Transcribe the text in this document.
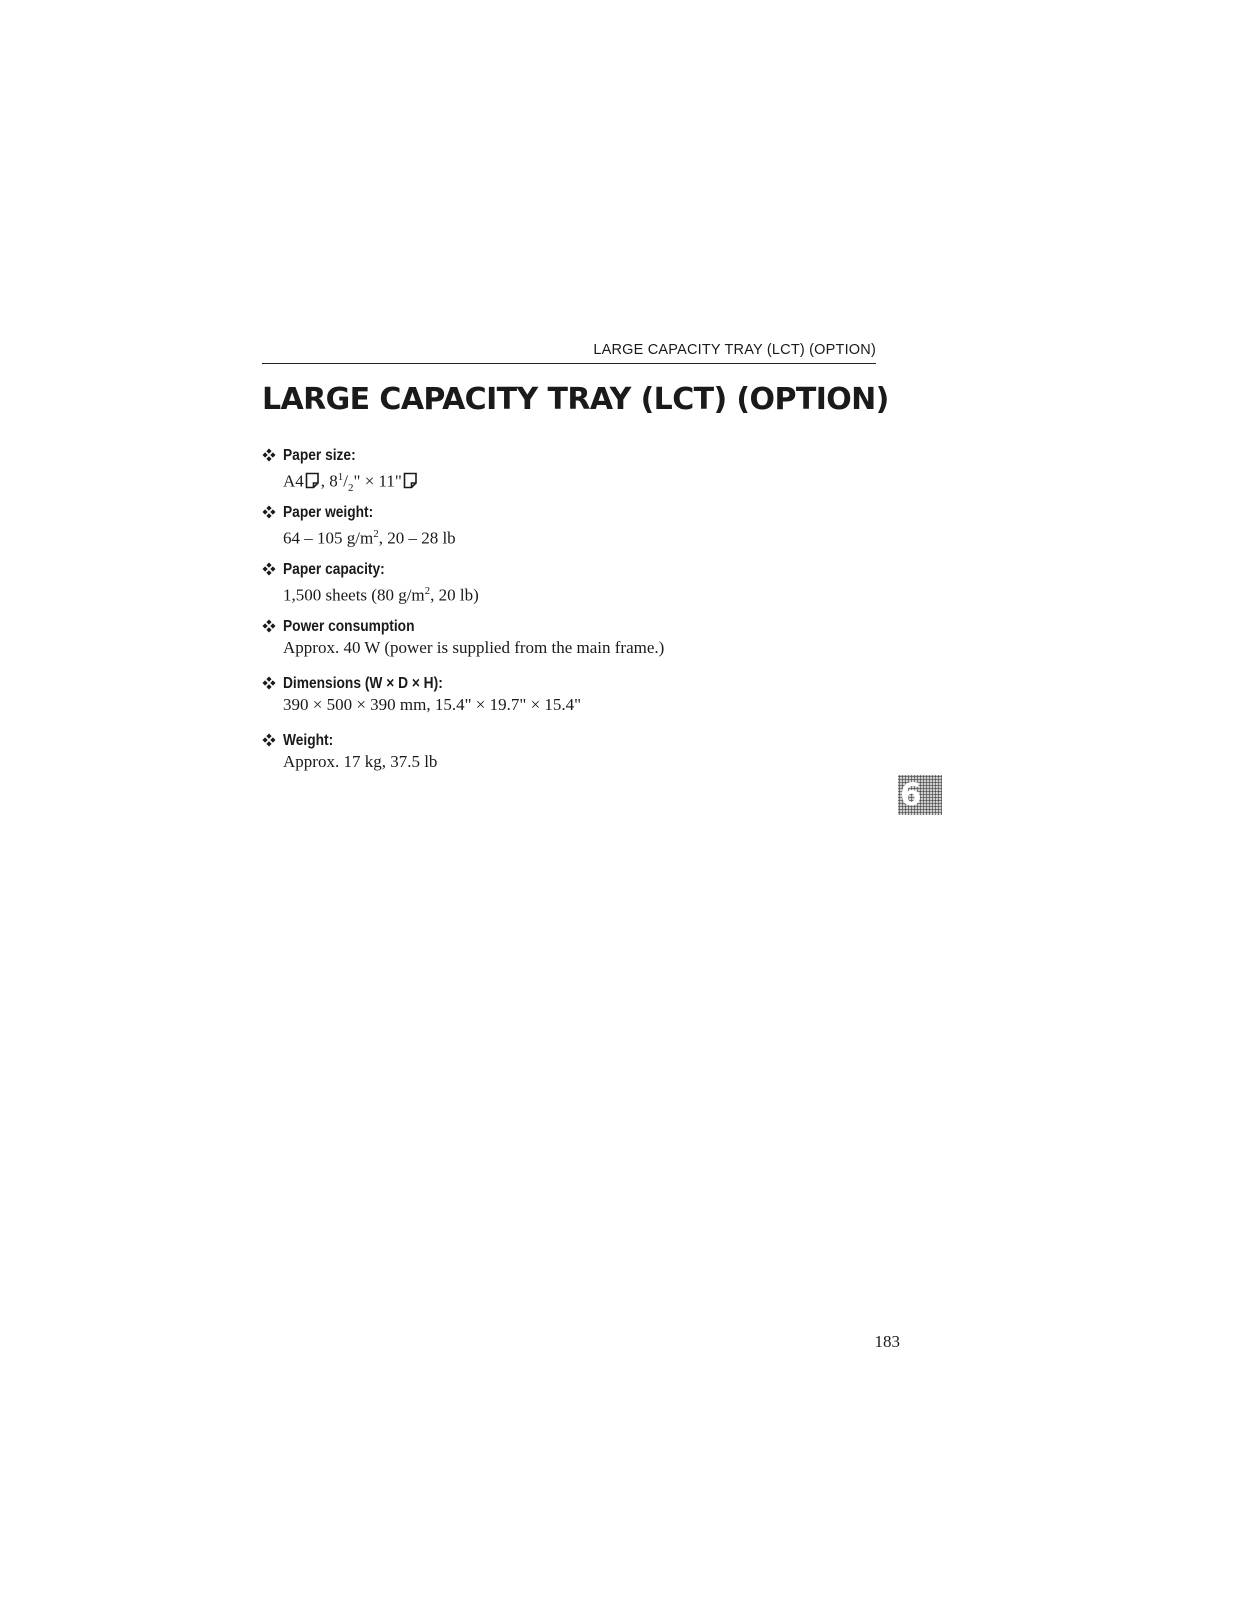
LARGE CAPACITY TRAY (LCT) (OPTION)
LARGE CAPACITY TRAY (LCT) (OPTION)
Paper size:
A4 , $8^1/_2$" × 11"
Paper weight:
64 – 105 $g/m^2$, 20 – 28 lb
Paper capacity:
1,500 sheets (80 $g/m^2$, 20 lb)
Power consumption
Approx. 40 W (power is supplied from the main frame.)
Dimensions (W × D × H):
390 × 500 × 390 mm, 15.4" × 19.7" × 15.4"
Weight:
Approx. 17 kg, 37.5 lb
6
183
